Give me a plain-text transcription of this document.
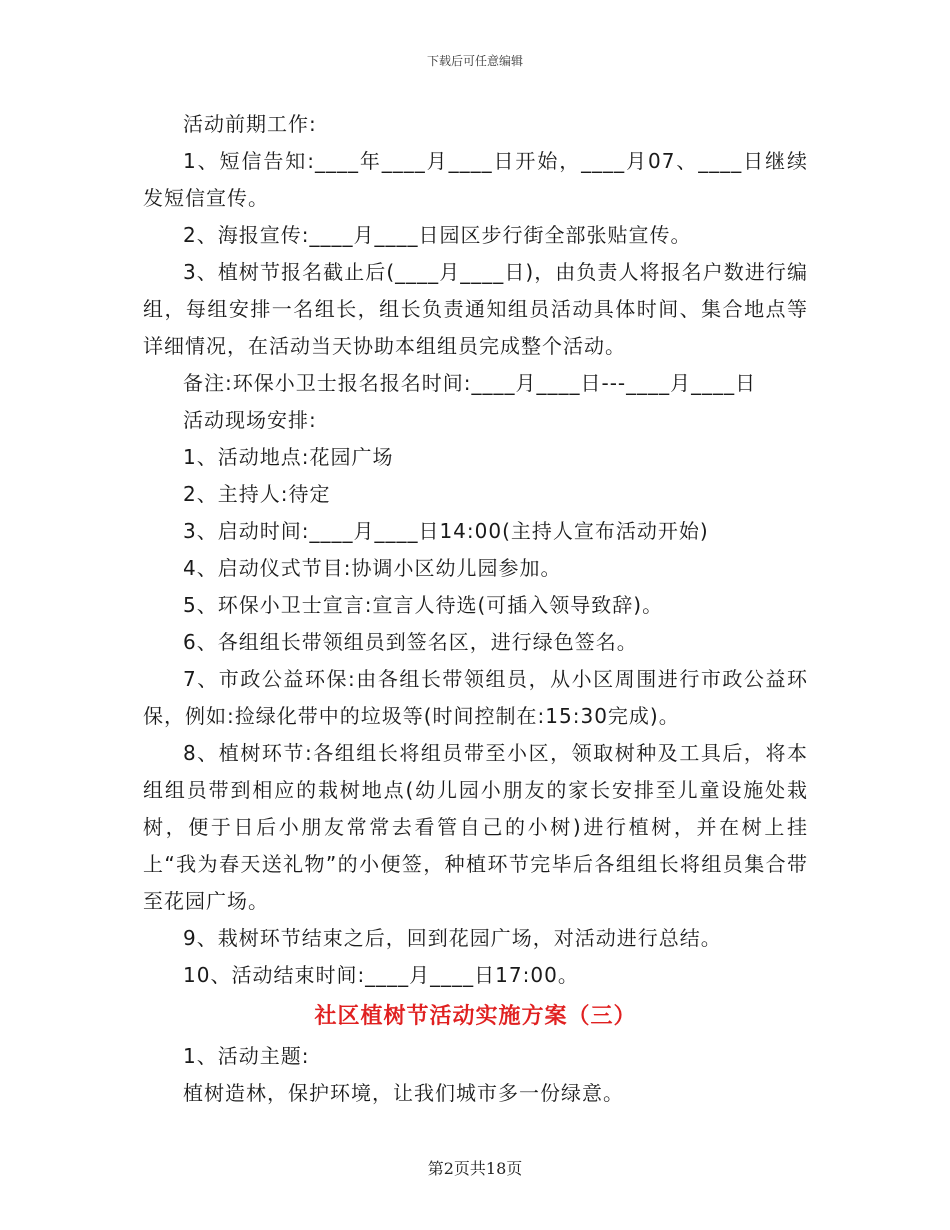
下载后可任意编辑

活动前期工作:

1、短信告知:____年____月____日开始，____月07、____日继续发短信宣传。

2、海报宣传:____月____日园区步行街全部张贴宣传。

3、植树节报名截止后(____月____日)，由负责人将报名户数进行编组，每组安排一名组长，组长负责通知组员活动具体时间、集合地点等详细情况，在活动当天协助本组组员完成整个活动。

备注:环保小卫士报名报名时间:____月____日---____月____日

活动现场安排:

1、活动地点:花园广场

2、主持人:待定

3、启动时间:____月____日14:00(主持人宣布活动开始)

4、启动仪式节目:协调小区幼儿园参加。

5、环保小卫士宣言:宣言人待选(可插入领导致辞)。

6、各组组长带领组员到签名区，进行绿色签名。

7、市政公益环保:由各组长带领组员，从小区周围进行市政公益环保，例如:捡绿化带中的垃圾等(时间控制在:15:30完成)。

8、植树环节:各组组长将组员带至小区，领取树种及工具后，将本组组员带到相应的栽树地点(幼儿园小朋友的家长安排至儿童设施处栽树，便于日后小朋友常常去看管自己的小树)进行植树，并在树上挂上“我为春天送礼物”的小便签，种植环节完毕后各组组长将组员集合带至花园广场。

9、栽树环节结束之后，回到花园广场，对活动进行总结。

10、活动结束时间:____月____日17:00。

社区植树节活动实施方案（三）

1、活动主题:

植树造林，保护环境，让我们城市多一份绿意。

第2页共18页
